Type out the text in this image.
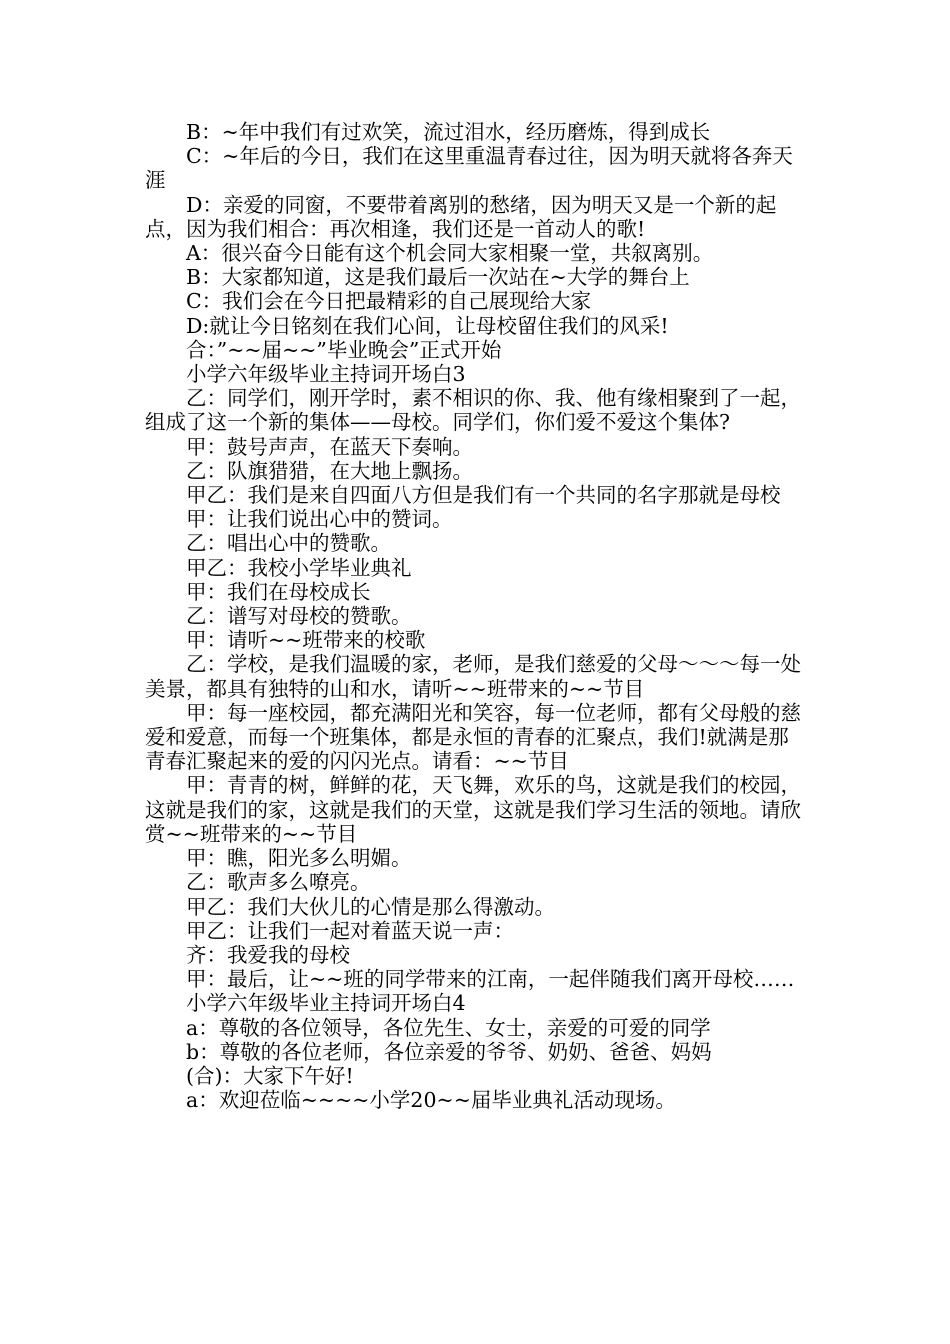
B：~年中我们有过欢笑，流过泪水，经历磨炼，得到成长

C：~年后的今日，我们在这里重温青春过往，因为明天就将各奔天涯

D：亲爱的同窗，不要带着离别的愁绪，因为明天又是一个新的起点，因为我们相合：再次相逢，我们还是一首动人的歌!

A：很兴奋今日能有这个机会同大家相聚一堂，共叙离别。

B：大家都知道，这是我们最后一次站在~大学的舞台上

C：我们会在今日把最精彩的自己展现给大家

D:就让今日铭刻在我们心间，让母校留住我们的风采!

合：”~~届~~”毕业晚会”正式开始

小学六年级毕业主持词开场白3

乙：同学们，刚开学时，素不相识的你、我、他有缘相聚到了一起，组成了这一个新的集体——母校。同学们，你们爱不爱这个集体?

甲：鼓号声声，在蓝天下奏响。

乙：队旗猎猎，在大地上飘扬。

甲乙：我们是来自四面八方但是我们有一个共同的名字那就是母校

甲：让我们说出心中的赞词。

乙：唱出心中的赞歌。

甲乙：我校小学毕业典礼

甲：我们在母校成长

乙：谱写对母校的赞歌。

甲：请听~~班带来的校歌

乙：学校，是我们温暖的家，老师，是我们慈爱的父母～～～每一处美景，都具有独特的山和水，请听~~班带来的~~节目

甲：每一座校园，都充满阳光和笑容，每一位老师，都有父母般的慈爱和爱意，而每一个班集体，都是永恒的青春的汇聚点，我们!就满是那青春汇聚起来的爱的闪闪光点。请看：~~节目

甲：青青的树，鲜鲜的花，天飞舞，欢乐的鸟，这就是我们的校园，这就是我们的家，这就是我们的天堂，这就是我们学习生活的领地。请欣赏~~班带来的~~节目

甲：瞧，阳光多么明媚。

乙：歌声多么嘹亮。

甲乙：我们大伙儿的心情是那么得激动。

甲乙：让我们一起对着蓝天说一声：

齐：我爱我的母校

甲：最后，让~~班的同学带来的江南，一起伴随我们离开母校……

小学六年级毕业主持词开场白4

a：尊敬的各位领导，各位先生、女士，亲爱的可爱的同学

b：尊敬的各位老师，各位亲爱的爷爷、奶奶、爸爸、妈妈

(合)：大家下午好!

a：欢迎莅临~~~~小学20~~届毕业典礼活动现场。
